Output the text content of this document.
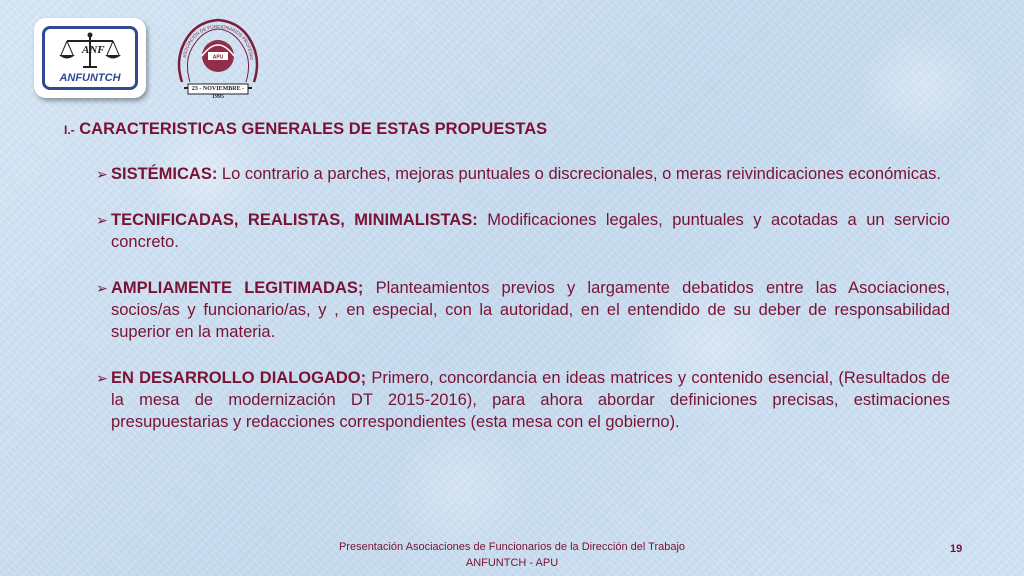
ANF
ANFUNTCH
ASOCIACIÓN DE FUNCIONARIOS PROFESIO
APU
23 - NOVIEMBRE - 1995

I.- CARACTERISTICAS GENERALES DE ESTAS PROPUESTAS

➢ SISTÉMICAS: Lo contrario a parches, mejoras puntuales o discrecionales, o meras reivindicaciones económicas.
➢ TECNIFICADAS, REALISTAS, MINIMALISTAS: Modificaciones legales, puntuales y acotadas a un servicio concreto.
➢ AMPLIAMENTE LEGITIMADAS; Planteamientos previos y largamente debatidos entre las Asociaciones, socios/as y funcionario/as, y , en especial, con la autoridad, en el entendido de su deber de responsabilidad superior en la materia.
➢ EN DESARROLLO DIALOGADO; Primero, concordancia en ideas matrices y contenido esencial, (Resultados de la mesa de modernización DT 2015-2016), para ahora abordar definiciones precisas, estimaciones presupuestarias y redacciones correspondientes (esta mesa con el gobierno).

Presentación Asociaciones de Funcionarios de la Dirección del Trabajo

ANFUNTCH - APU

19
